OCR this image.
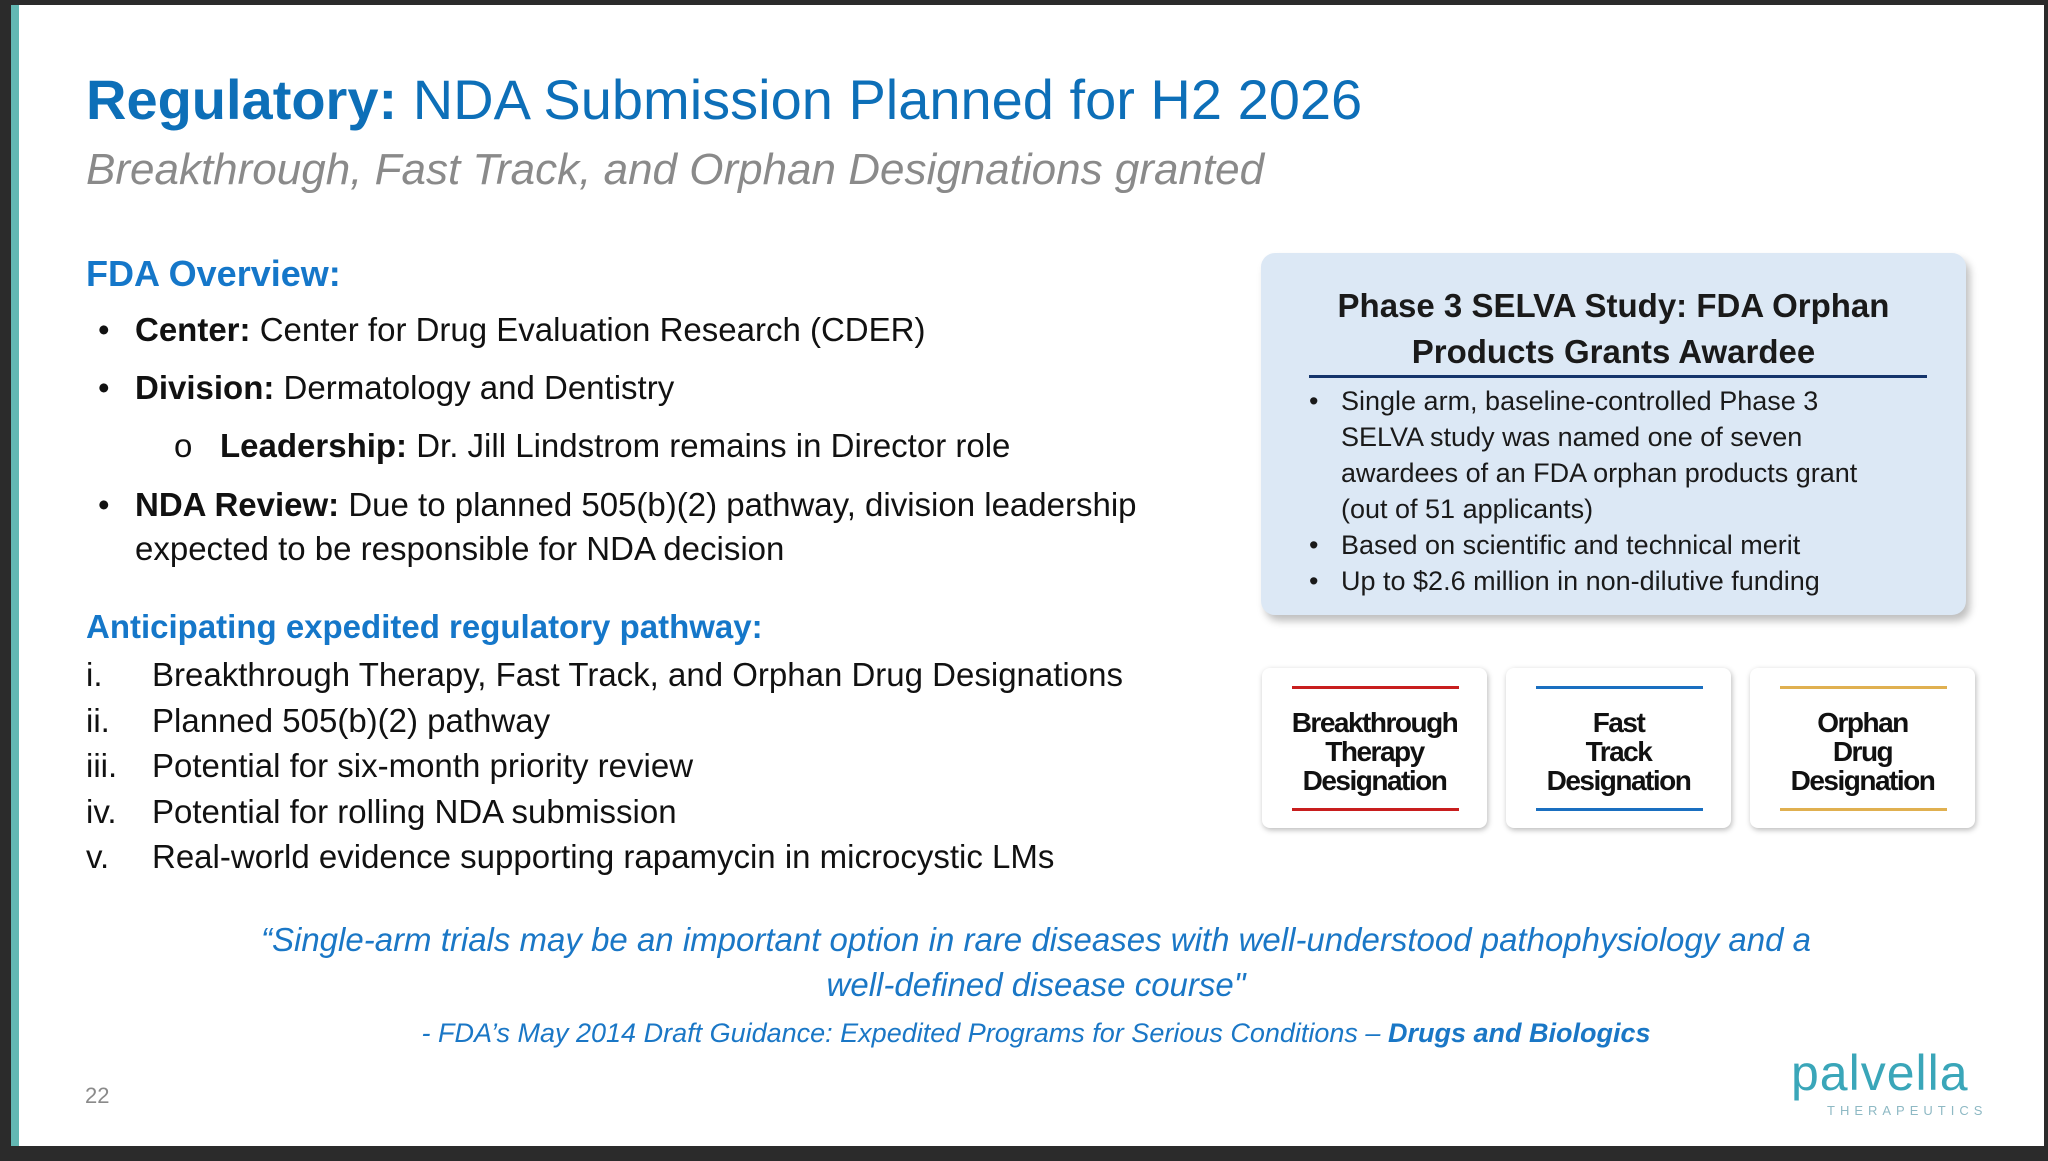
Regulatory: NDA Submission Planned for H2 2026
Breakthrough, Fast Track, and Orphan Designations granted
FDA Overview:
• Center: Center for Drug Evaluation Research (CDER)
• Division: Dermatology and Dentistry
o Leadership: Dr. Jill Lindstrom remains in Director role
• NDA Review: Due to planned 505(b)(2) pathway, division leadership
expected to be responsible for NDA decision
Anticipating expedited regulatory pathway:
i. Breakthrough Therapy, Fast Track, and Orphan Drug Designations
ii. Planned 505(b)(2) pathway
iii. Potential for six-month priority review
iv. Potential for rolling NDA submission
v. Real-world evidence supporting rapamycin in microcystic LMs
Phase 3 SELVA Study: FDA Orphan
Products Grants Awardee
• Single arm, baseline-controlled Phase 3
SELVA study was named one of seven
awardees of an FDA orphan products grant
(out of 51 applicants)
• Based on scientific and technical merit
• Up to $2.6 million in non-dilutive funding
Breakthrough
Therapy
Designation
Fast
Track
Designation
Orphan
Drug
Designation
“Single-arm trials may be an important option in rare diseases with well-understood pathophysiology and a
well-defined disease course"
- FDA’s May 2014 Draft Guidance: Expedited Programs for Serious Conditions – Drugs and Biologics
22	palvella
THERAPEUTICS
